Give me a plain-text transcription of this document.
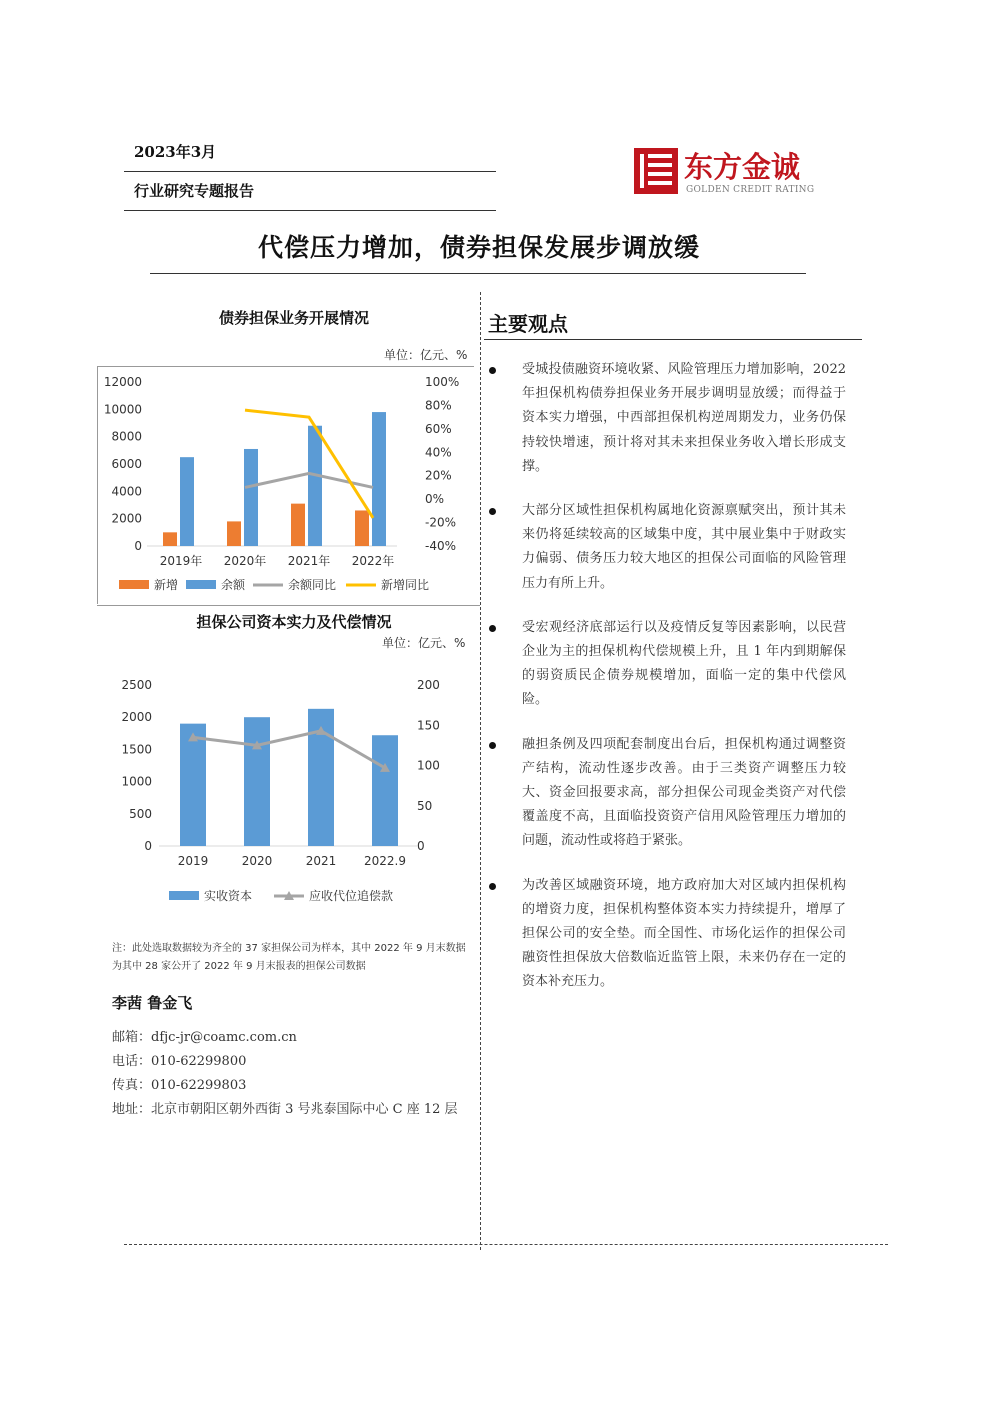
2023年3月
行业研究专题报告
东方金诚
GOLDEN CREDIT RATING
代偿压力增加，债券担保发展步调放缓
债券担保业务开展情况
单位：亿元、%
0
2000
4000
6000
8000
10000
12000
-40%
-20%
0%
20%
40%
60%
80%
100%
2019年 2020年 2021年 2022年
新增	余额	余额同比	新增同比
担保公司资本实力及代偿情况
单位：亿元、%
0
500
1000
1500
2000
2500
0
50
100
150
200
2019	2020	2021 2022.9
实收资本	应收代位追偿款
注：此处选取数据较为齐全的 37 家担保公司为样本，其中 2022 年 9 月末数据为其中 28 家公开了 2022 年 9 月末报表的担保公司数据
李茜 鲁金飞
邮箱：dfjc-jr@coamc.com.cn
电话：010-62299800
传真：010-62299803
地址：北京市朝阳区朝外西街 3 号兆泰国际中心 C 座 12 层
主要观点
受城投债融资环境收紧、风险管理压力增加影响，2022 年担保机构债券担保业务开展步调明显放缓；而得益于资本实力增强，中西部担保机构逆周期发力，业务仍保持较快增速，预计将对其未来担保业务收入增长形成支撑。
大部分区域性担保机构属地化资源禀赋突出，预计其未来仍将延续较高的区域集中度，其中展业集中于财政实力偏弱、债务压力较大地区的担保公司面临的风险管理压力有所上升。
受宏观经济底部运行以及疫情反复等因素影响，以民营企业为主的担保机构代偿规模上升，且 1 年内到期解保的弱资质民企债券规模增加，面临一定的集中代偿风险。
融担条例及四项配套制度出台后，担保机构通过调整资产结构，流动性逐步改善。由于三类资产调整压力较大、资金回报要求高，部分担保公司现金类资产对代偿覆盖度不高，且面临投资资产信用风险管理压力增加的问题，流动性或将趋于紧张。
为改善区域融资环境，地方政府加大对区域内担保机构的增资力度，担保机构整体资本实力持续提升，增厚了担保公司的安全垫。而全国性、市场化运作的担保公司融资性担保放大倍数临近监管上限，未来仍存在一定的资本补充压力。
